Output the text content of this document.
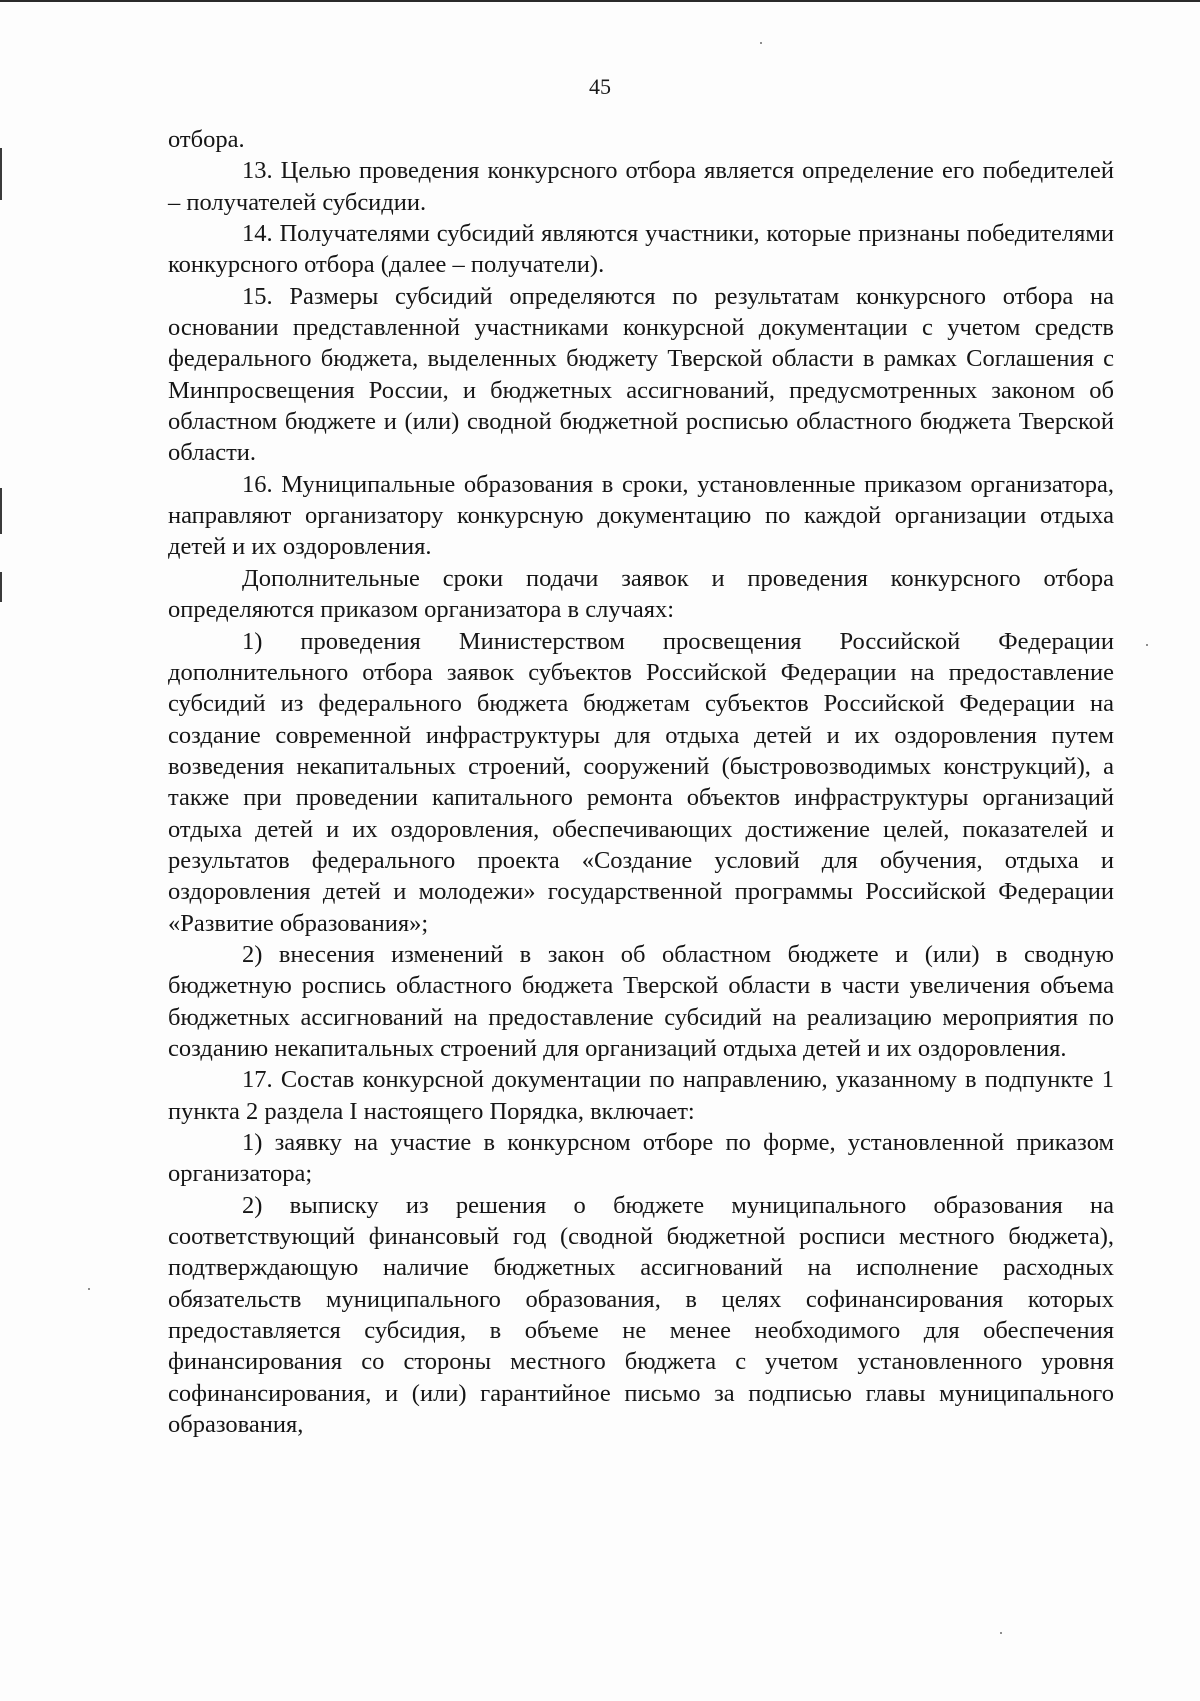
45

отбора.

13. Целью проведения конкурсного отбора является определение его победителей – получателей субсидии.

14. Получателями субсидий являются участники, которые признаны победителями конкурсного отбора (далее – получатели).

15. Размеры субсидий определяются по результатам конкурсного отбора на основании представленной участниками конкурсной документации с учетом средств федерального бюджета, выделенных бюджету Тверской области в рамках Соглашения с Минпросвещения России, и бюджетных ассигнований, предусмотренных законом об областном бюджете и (или) сводной бюджетной росписью областного бюджета Тверской области.

16. Муниципальные образования в сроки, установленные приказом организатора, направляют организатору конкурсную документацию по каждой организации отдыха детей и их оздоровления.

Дополнительные сроки подачи заявок и проведения конкурсного отбора определяются приказом организатора в случаях:

1) проведения Министерством просвещения Российской Федерации дополнительного отбора заявок субъектов Российской Федерации на предоставление субсидий из федерального бюджета бюджетам субъектов Российской Федерации на создание современной инфраструктуры для отдыха детей и их оздоровления путем возведения некапитальных строений, сооружений (быстровозводимых конструкций), а также при проведении капитального ремонта объектов инфраструктуры организаций отдыха детей и их оздоровления, обеспечивающих достижение целей, показателей и результатов федерального проекта «Создание условий для обучения, отдыха и оздоровления детей и молодежи» государственной программы Российской Федерации «Развитие образования»;

2) внесения изменений в закон об областном бюджете и (или) в сводную бюджетную роспись областного бюджета Тверской области в части увеличения объема бюджетных ассигнований на предоставление субсидий на реализацию мероприятия по созданию некапитальных строений для организаций отдыха детей и их оздоровления.

17. Состав конкурсной документации по направлению, указанному в подпункте 1 пункта 2 раздела I настоящего Порядка, включает:

1) заявку на участие в конкурсном отборе по форме, установленной приказом организатора;

2) выписку из решения о бюджете муниципального образования на соответствующий финансовый год (сводной бюджетной росписи местного бюджета), подтверждающую наличие бюджетных ассигнований на исполнение расходных обязательств муниципального образования, в целях софинансирования которых предоставляется субсидия, в объеме не менее необходимого для обеспечения финансирования со стороны местного бюджета с учетом установленного уровня софинансирования, и (или) гарантийное письмо за подписью главы муниципального образования,
